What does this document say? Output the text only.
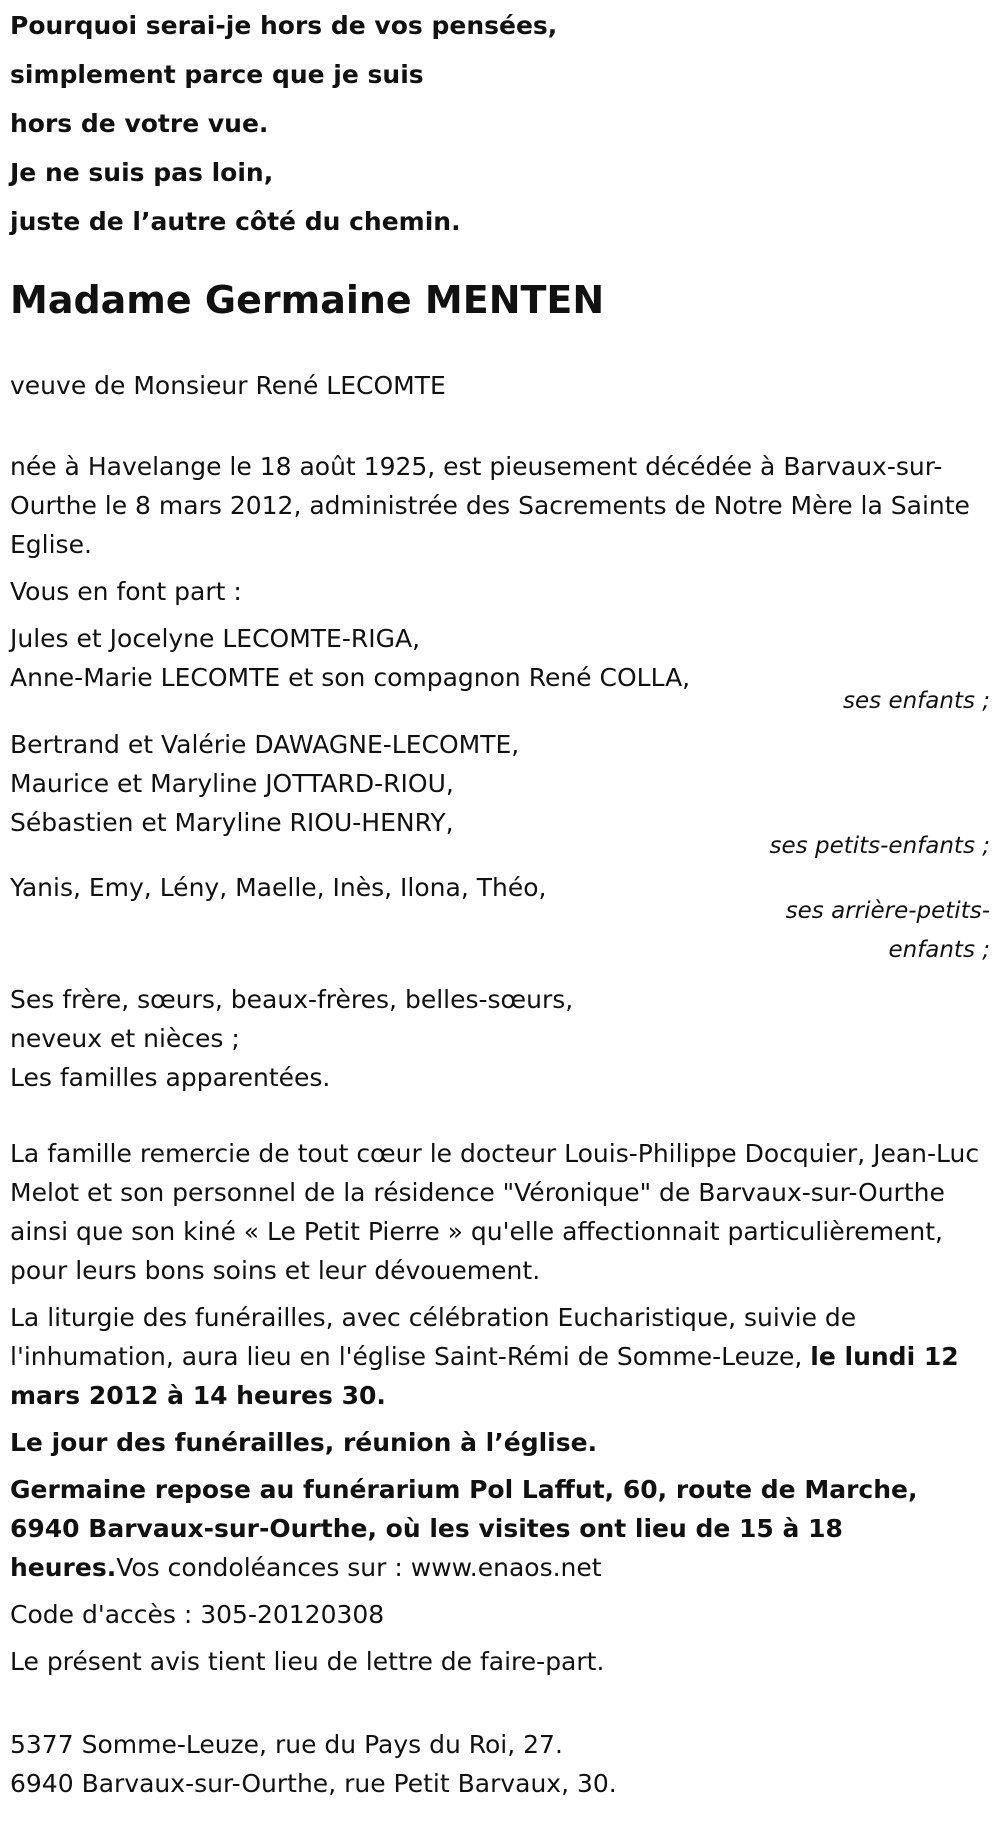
Pourquoi serai-je hors de vos pensées,

simplement parce que je suis

hors de votre vue.

Je ne suis pas loin,

juste de l’autre côté du chemin.

Madame Germaine MENTEN

veuve de Monsieur René LECOMTE

née à Havelange le 18 août 1925, est pieusement décédée à Barvaux-sur-Ourthe le 8 mars 2012, administrée des Sacrements de Notre Mère la Sainte Eglise.

Vous en font part :

Jules et Jocelyne LECOMTE-RIGA,

Anne-Marie LECOMTE et son compagnon René COLLA,

ses enfants ;

Bertrand et Valérie DAWAGNE-LECOMTE,

Maurice et Maryline JOTTARD-RIOU,

Sébastien et Maryline RIOU-HENRY,

ses petits-enfants ;

Yanis, Emy, Lény, Maelle, Inès, Ilona, Théo,

ses arrière-petits-enfants ;

Ses frère, sœurs, beaux-frères, belles-sœurs,

neveux et nièces ;

Les familles apparentées.

La famille remercie de tout cœur le docteur Louis-Philippe Docquier, Jean-Luc Melot et son personnel de la résidence "Véronique" de Barvaux-sur-Ourthe ainsi que son kiné « Le Petit Pierre » qu'elle affectionnait particulièrement, pour leurs bons soins et leur dévouement.

La liturgie des funérailles, avec célébration Eucharistique, suivie de l'inhumation, aura lieu en l'église Saint-Rémi de Somme-Leuze, le lundi 12 mars 2012 à 14 heures 30.

Le jour des funérailles, réunion à l’église.

Germaine repose au funérarium Pol Laffut, 60, route de Marche, 6940 Barvaux-sur-Ourthe, où les visites ont lieu de 15 à 18 heures.Vos condoléances sur : www.enaos.net

Code d'accès : 305-20120308

Le présent avis tient lieu de lettre de faire-part.

5377 Somme-Leuze, rue du Pays du Roi, 27.

6940 Barvaux-sur-Ourthe, rue Petit Barvaux, 30.
